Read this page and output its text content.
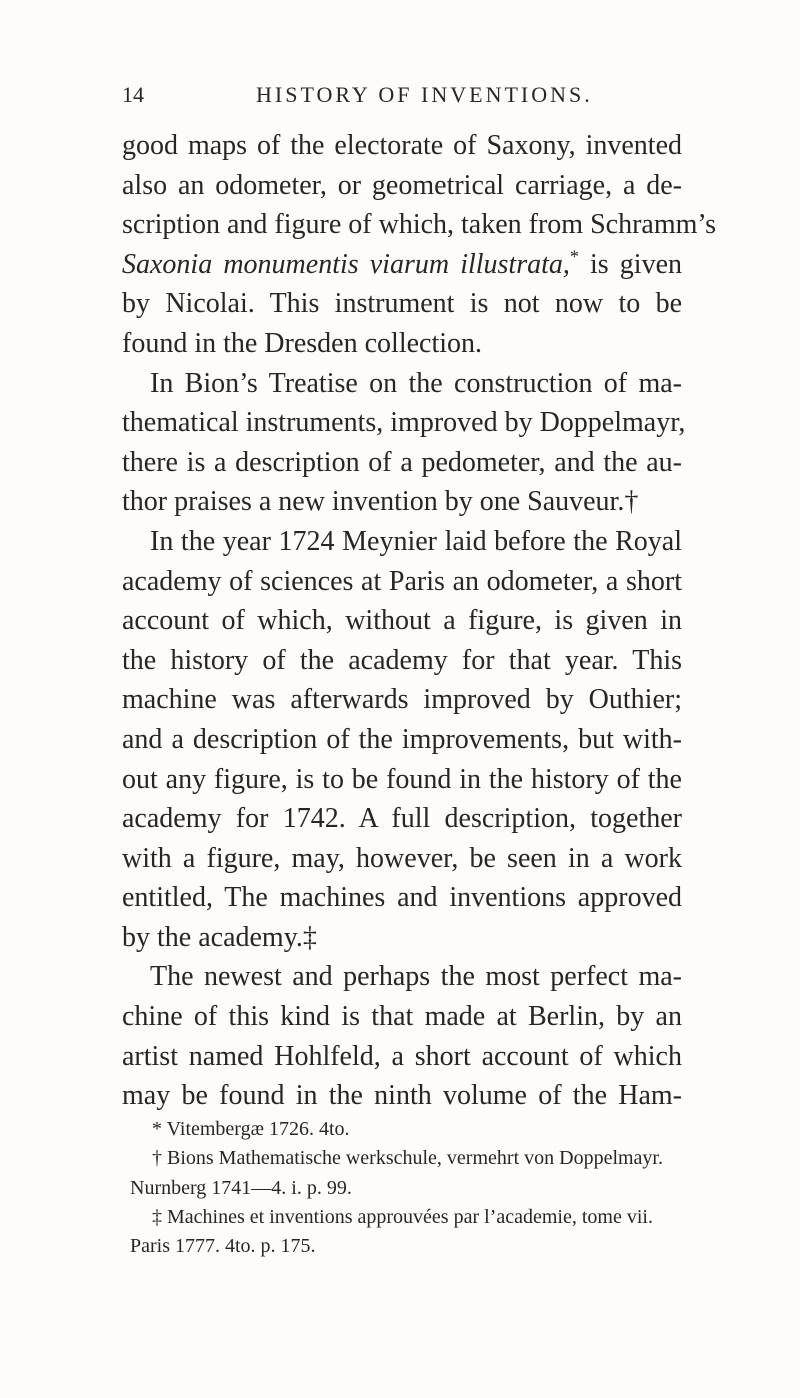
14	HISTORY OF INVENTIONS.
good maps of the electorate of Saxony, invented
also an odometer, or geometrical carriage, a de-
scription and figure of which, taken from Schramm’s
Saxonia monumentis viarum illustrata,* is given
by Nicolai. This instrument is not now to be
found in the Dresden collection.
In Bion’s Treatise on the construction of ma-
thematical instruments, improved by Doppelmayr,
there is a description of a pedometer, and the au-
thor praises a new invention by one Sauveur.†
In the year 1724 Meynier laid before the Royal
academy of sciences at Paris an odometer, a short
account of which, without a figure, is given in
the history of the academy for that year. This
machine was afterwards improved by Outhier;
and a description of the improvements, but with-
out any figure, is to be found in the history of the
academy for 1742. A full description, together
with a figure, may, however, be seen in a work
entitled, The machines and inventions approved
by the academy.‡
The newest and perhaps the most perfect ma-
chine of this kind is that made at Berlin, by an
artist named Hohlfeld, a short account of which
may be found in the ninth volume of the Ham-
* Vitembergæ 1726. 4to.
† Bions Mathematische werkschule, vermehrt von Doppelmayr.
Nurnberg 1741—4. i. p. 99.
‡ Machines et inventions approuvées par l’academie, tome vii.
Paris 1777. 4to. p. 175.
